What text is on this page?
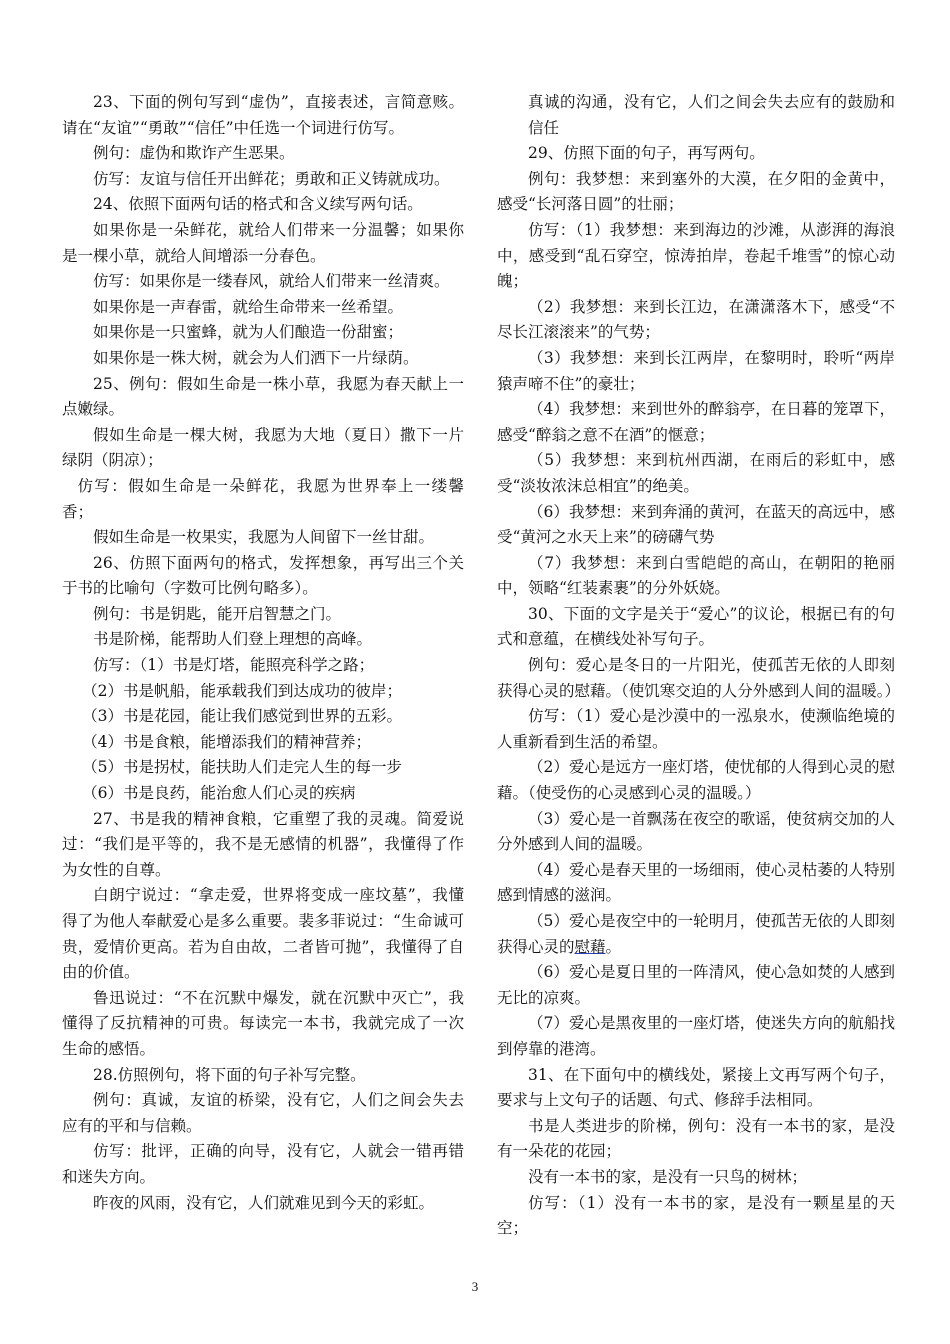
23、下面的例句写到“虚伪”，直接表述，言简意赅。请在“友谊”“勇敢”“信任”中任选一个词进行仿写。

例句：虚伪和欺诈产生恶果。

仿写：友谊与信任开出鲜花；勇敢和正义铸就成功。

24、依照下面两句话的格式和含义续写两句话。

如果你是一朵鲜花，就给人们带来一分温馨；如果你是一棵小草，就给人间增添一分春色。

仿写：如果你是一缕春风，就给人们带来一丝清爽。

如果你是一声春雷，就给生命带来一丝希望。

如果你是一只蜜蜂，就为人们酿造一份甜蜜；

如果你是一株大树，就会为人们洒下一片绿荫。

25、例句：假如生命是一株小草，我愿为春天献上一点嫩绿。

假如生命是一棵大树，我愿为大地（夏日）撒下一片绿阴（阴凉）；

仿写：假如生命是一朵鲜花，我愿为世界奉上一缕馨香；

假如生命是一枚果实，我愿为人间留下一丝甘甜。

26、仿照下面两句的格式，发挥想象，再写出三个关于书的比喻句（字数可比例句略多）。

例句：书是钥匙，能开启智慧之门。

书是阶梯，能帮助人们登上理想的高峰。

仿写：（1）书是灯塔，能照亮科学之路；

（2）书是帆船，能承载我们到达成功的彼岸；

（3）书是花园，能让我们感觉到世界的五彩。

（4）书是食粮，能增添我们的精神营养；

（5）书是拐杖，能扶助人们走完人生的每一步

（6）书是良药，能治愈人们心灵的疾病

27、书是我的精神食粮，它重塑了我的灵魂。简爱说过：“我们是平等的，我不是无感情的机器”，我懂得了作为女性的自尊。

白朗宁说过：“拿走爱，世界将变成一座坟墓”，我懂得了为他人奉献爱心是多么重要。裴多菲说过：“生命诚可贵，爱情价更高。若为自由故，二者皆可抛”，我懂得了自由的价值。

鲁迅说过：“不在沉默中爆发，就在沉默中灭亡”，我懂得了反抗精神的可贵。每读完一本书，我就完成了一次生命的感悟。

28.仿照例句，将下面的句子补写完整。

例句：真诚，友谊的桥梁，没有它，人们之间会失去应有的平和与信赖。

仿写：批评，正确的向导，没有它，人就会一错再错和迷失方向。

昨夜的风雨，没有它，人们就难见到今天的彩虹。

真诚的沟通，没有它，人们之间会失去应有的鼓励和信任

29、仿照下面的句子，再写两句。

例句：我梦想：来到塞外的大漠，在夕阳的金黄中，感受“长河落日圆”的壮丽；

仿写：（1）我梦想：来到海边的沙滩，从澎湃的海浪中，感受到“乱石穿空，惊涛拍岸，卷起千堆雪”的惊心动魄；

（2）我梦想：来到长江边，在潇潇落木下，感受“不尽长江滚滚来”的气势；

（3）我梦想：来到长江两岸，在黎明时，聆听“两岸猿声啼不住”的豪壮；

（4）我梦想：来到世外的醉翁亭，在日暮的笼罩下，感受“醉翁之意不在酒”的惬意；

（5）我梦想：来到杭州西湖，在雨后的彩虹中，感受“淡妆浓沫总相宜”的绝美。

（6）我梦想：来到奔涌的黄河，在蓝天的高远中，感受“黄河之水天上来”的磅礴气势

（7）我梦想：来到白雪皑皑的高山，在朝阳的艳丽中，领略“红装素裹”的分外妖娆。

30、下面的文字是关于“爱心”的议论，根据已有的句式和意蕴，在横线处补写句子。

例句：爱心是冬日的一片阳光，使孤苦无依的人即刻获得心灵的慰藉。（使饥寒交迫的人分外感到人间的温暖。）

仿写：（1）爱心是沙漠中的一泓泉水，使濒临绝境的人重新看到生活的希望。

（2）爱心是远方一座灯塔，使忧郁的人得到心灵的慰藉。（使受伤的心灵感到心灵的温暖。）

（3）爱心是一首飘荡在夜空的歌谣，使贫病交加的人分外感到人间的温暖。

（4）爱心是春天里的一场细雨，使心灵枯萎的人特别感到情感的滋润。

（5）爱心是夜空中的一轮明月，使孤苦无依的人即刻获得心灵的慰藉。

（6）爱心是夏日里的一阵清风，使心急如焚的人感到无比的凉爽。

（7）爱心是黑夜里的一座灯塔，使迷失方向的航船找到停靠的港湾。

31、在下面句中的横线处，紧接上文再写两个句子，要求与上文句子的话题、句式、修辞手法相同。

书是人类进步的阶梯，例句：没有一本书的家，是没有一朵花的花园；

没有一本书的家，是没有一只鸟的树林；

仿写：（1）没有一本书的家，是没有一颗星星的天空；

3
